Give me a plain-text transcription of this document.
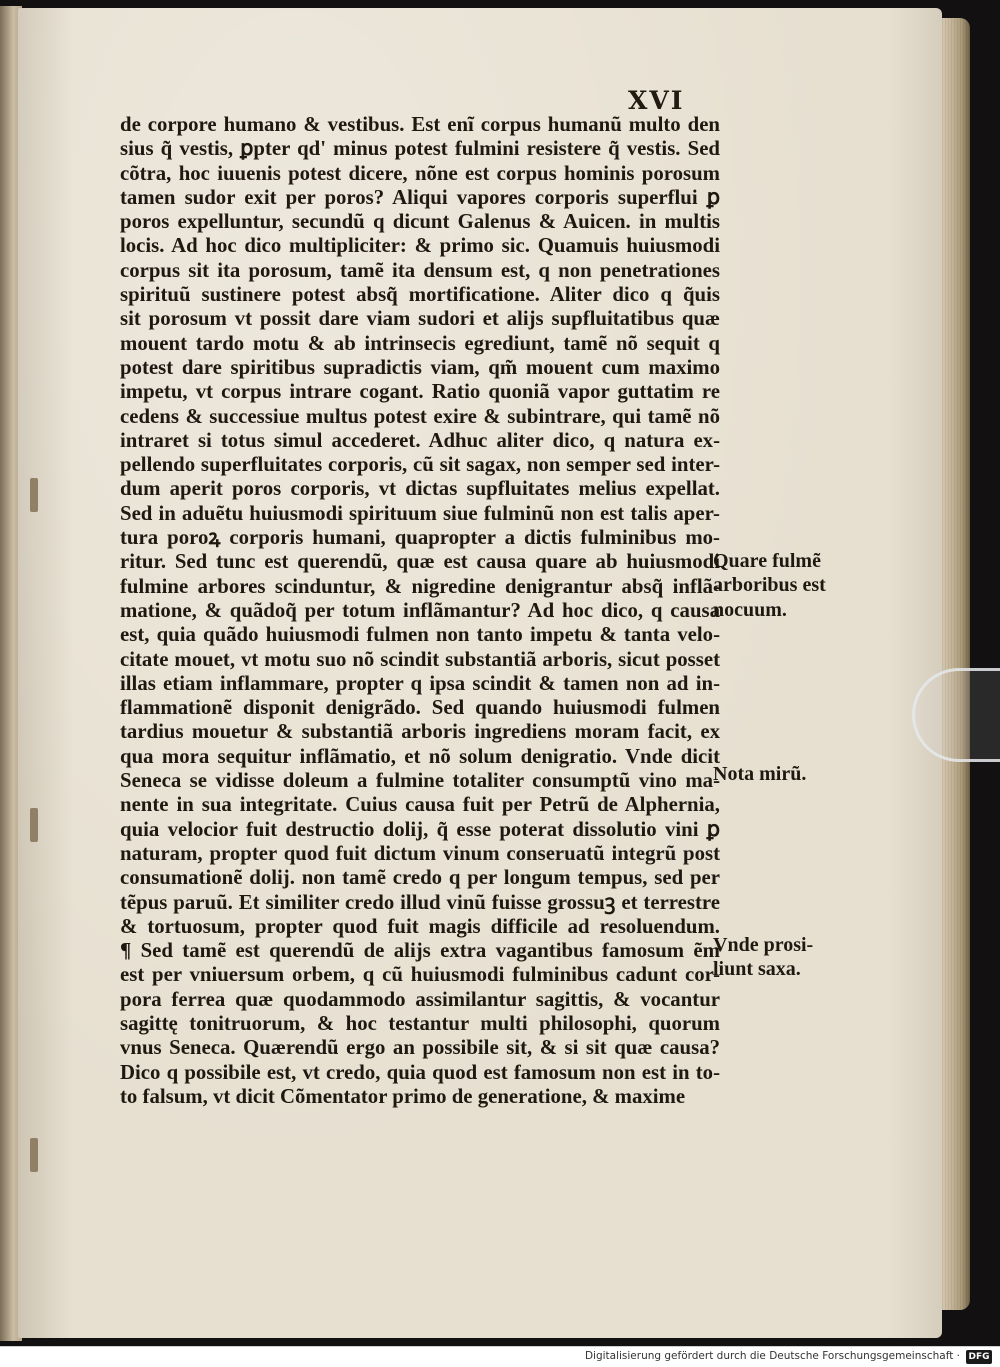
XVI
de corpore humano & vestibus. Est enĩ corpus humanũ multo den
sius q̃ vestis, ꝑpter qd' minus potest fulmini resistere q̃ vestis. Sed
cõtra, hoc iuuenis potest dicere, nõne est corpus hominis porosum
tamen sudor exit per poros? Aliqui vapores corporis superflui ꝑ
poros expelluntur, secundũ q dicunt Galenus & Auicen. in multis
locis. Ad hoc dico multipliciter: & primo sic. Quamuis huiusmodi
corpus sit ita porosum, tamẽ ita densum est, q non penetrationes
spirituũ sustinere potest absq̃ mortificatione. Aliter dico q q̃uis
sit porosum vt possit dare viam sudori et alijs supfluitatibus quæ
mouent tardo motu & ab intrinsecis egrediunt, tamẽ nõ sequit q
potest dare spiritibus supradictis viam, qm̃ mouent cum maximo
impetu, vt corpus intrare cogant. Ratio quoniã vapor guttatim re
cedens & successiue multus potest exire & subintrare, qui tamẽ nõ
intraret si totus simul accederet. Adhuc aliter dico, q natura ex-
pellendo superfluitates corporis, cũ sit sagax, non semper sed inter-
dum aperit poros corporis, vt dictas supfluitates melius expellat.
Sed in aduẽtu huiusmodi spirituum siue fulminũ non est talis aper-
tura poroꝝ corporis humani, quapropter a dictis fulminibus mo-
ritur. Sed tunc est querendũ, quæ est causa quare ab huiusmodi
fulmine arbores scinduntur, & nigredine denigrantur absq̃ inflã-
matione, & quãdoq̃ per totum inflãmantur? Ad hoc dico, q causa
est, quia quãdo huiusmodi fulmen non tanto impetu & tanta velo-
citate mouet, vt motu suo nõ scindit substantiã arboris, sicut posset
illas etiam inflammare, propter q ipsa scindit & tamen non ad in-
flammationẽ disponit denigrãdo. Sed quando huiusmodi fulmen
tardius mouetur & substantiã arboris ingrediens moram facit, ex
qua mora sequitur inflãmatio, et nõ solum denigratio. Vnde dicit
Seneca se vidisse doleum a fulmine totaliter consumptũ vino ma-
nente in sua integritate. Cuius causa fuit per Petrũ de Alphernia,
quia velocior fuit destructio dolij, q̃ esse poterat dissolutio vini ꝑ
naturam, propter quod fuit dictum vinum conseruatũ integrũ post
consumationẽ dolij. non tamẽ credo q per longum tempus, sed per
tẽpus paruũ. Et similiter credo illud vinũ fuisse grossuꝫ et terrestre
& tortuosum, propter quod fuit magis difficile ad resoluendum.
¶ Sed tamẽ est querendũ de alijs extra vagantibus famosum ẽm
est per vniuersum orbem, q cũ huiusmodi fulminibus cadunt cor-
pora ferrea quæ quodammodo assimilantur sagittis, & vocantur
sagittę tonitruorum, & hoc testantur multi philosophi, quorum
vnus Seneca. Quærendũ ergo an possibile sit, & si sit quæ causa?
Dico q possibile est, vt credo, quia quod est famosum non est in to-
to falsum, vt dicit Cõmentator primo de generatione, & maxime
Quare fulmẽ
arboribus est
nocuum.
Nota mirũ.
Vnde prosi-
liunt saxa.
Digitalisierung gefördert durch die Deutsche Forschungsgemeinschaft · DFG
